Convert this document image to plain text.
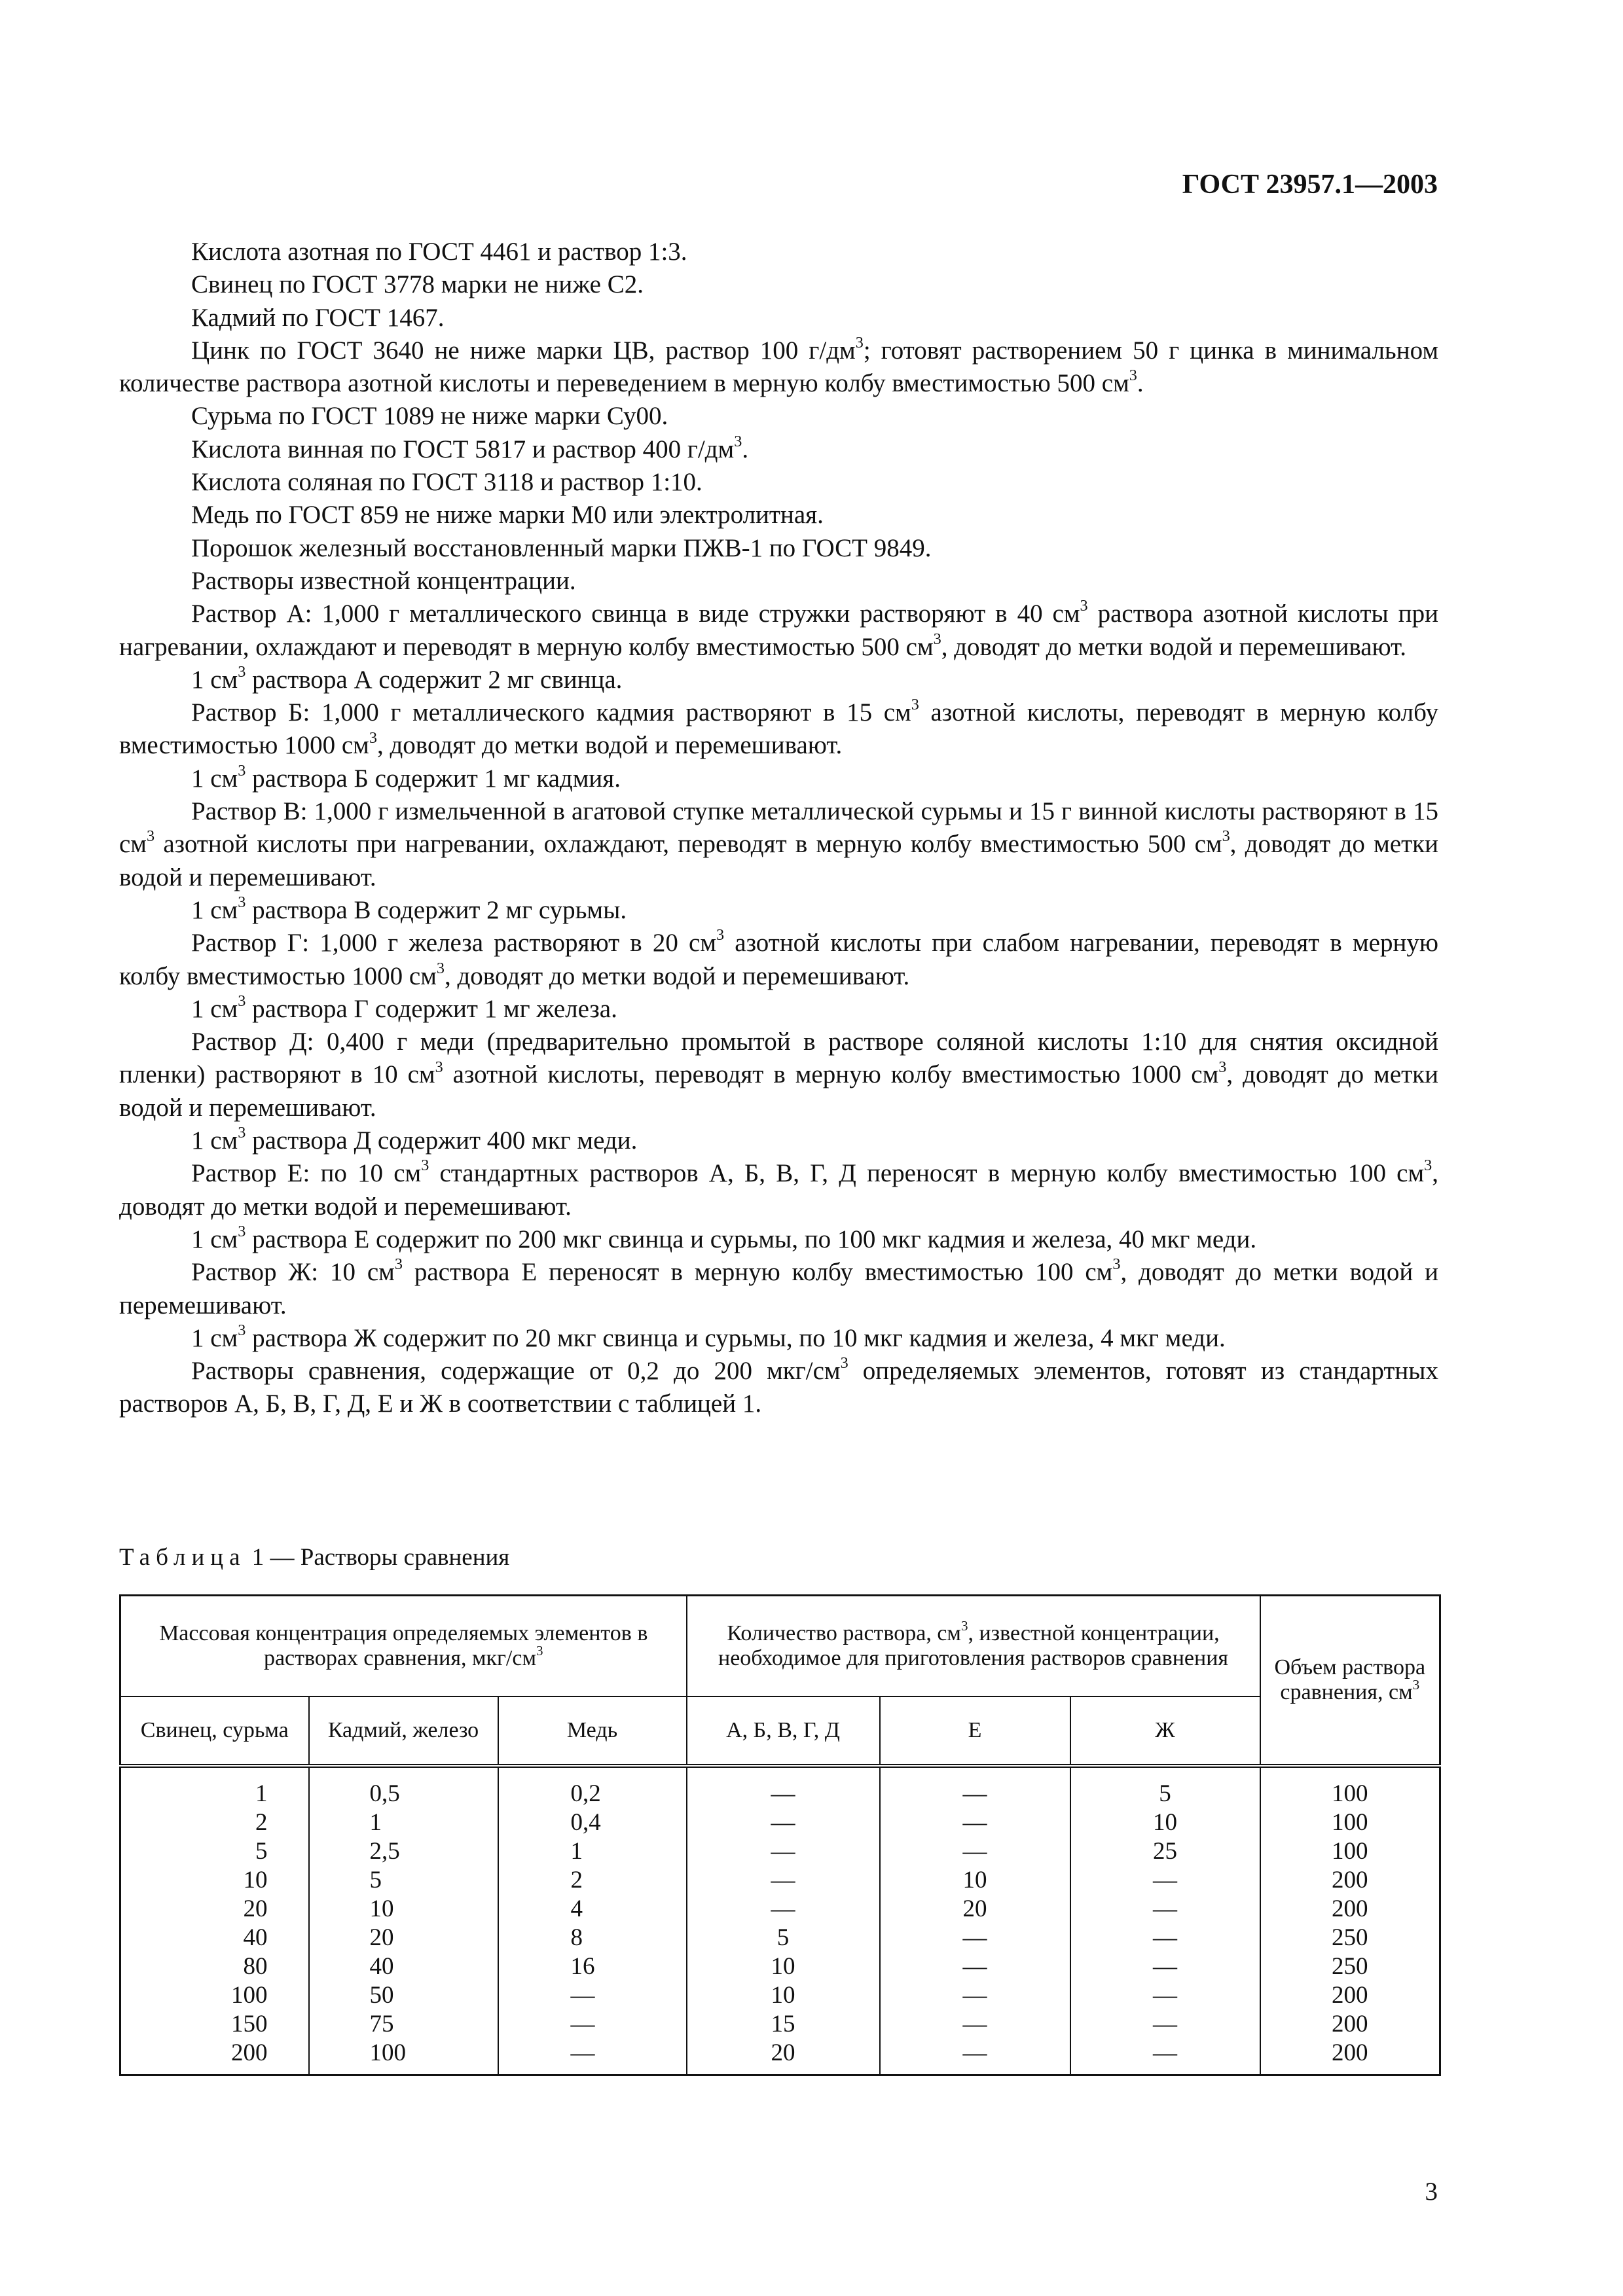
ГОСТ 23957.1—2003

Кислота азотная по ГОСТ 4461 и раствор 1:3.

Свинец по ГОСТ 3778 марки не ниже С2.

Кадмий по ГОСТ 1467.

Цинк по ГОСТ 3640 не ниже марки ЦВ, раствор 100 $г/дм^3$; готовят растворением 50 г цинка в минимальном количестве раствора азотной кислоты и переведением в мерную колбу вместимостью 500 $см^3$.

Сурьма по ГОСТ 1089 не ниже марки Су00.

Кислота винная по ГОСТ 5817 и раствор 400 $г/дм^3$.

Кислота соляная по ГОСТ 3118 и раствор 1:10.

Медь по ГОСТ 859 не ниже марки М0 или электролитная.

Порошок железный восстановленный марки ПЖВ-1 по ГОСТ 9849.

Растворы известной концентрации.

Раствор А: 1,000 г металлического свинца в виде стружки растворяют в 40 $см^3$ раствора азотной кислоты при нагревании, охлаждают и переводят в мерную колбу вместимостью 500 $см^3$, доводят до метки водой и перемешивают.

1 $см^3$ раствора А содержит 2 мг свинца.

Раствор Б: 1,000 г металлического кадмия растворяют в 15 $см^3$ азотной кислоты, переводят в мерную колбу вместимостью 1000 $см^3$, доводят до метки водой и перемешивают.

1 $см^3$ раствора Б содержит 1 мг кадмия.

Раствор В: 1,000 г измельченной в агатовой ступке металлической сурьмы и 15 г винной кислоты растворяют в 15 $см^3$ азотной кислоты при нагревании, охлаждают, переводят в мерную колбу вместимостью 500 $см^3$, доводят до метки водой и перемешивают.

1 $см^3$ раствора В содержит 2 мг сурьмы.

Раствор Г: 1,000 г железа растворяют в 20 $см^3$ азотной кислоты при слабом нагревании, переводят в мерную колбу вместимостью 1000 $см^3$, доводят до метки водой и перемешивают.

1 $см^3$ раствора Г содержит 1 мг железа.

Раствор Д: 0,400 г меди (предварительно промытой в растворе соляной кислоты 1:10 для снятия оксидной пленки) растворяют в 10 $см^3$ азотной кислоты, переводят в мерную колбу вместимостью 1000 $см^3$, доводят до метки водой и перемешивают.

1 $см^3$ раствора Д содержит 400 мкг меди.

Раствор Е: по 10 $см^3$ стандартных растворов А, Б, В, Г, Д переносят в мерную колбу вместимостью 100 $см^3$, доводят до метки водой и перемешивают.

1 $см^3$ раствора Е содержит по 200 мкг свинца и сурьмы, по 100 мкг кадмия и железа, 40 мкг меди.

Раствор Ж: 10 $см^3$ раствора Е переносят в мерную колбу вместимостью 100 $см^3$, доводят до метки водой и перемешивают.

1 $см^3$ раствора Ж содержит по 20 мкг свинца и сурьмы, по 10 мкг кадмия и железа, 4 мкг меди.

Растворы сравнения, содержащие от 0,2 до 200 мкг/$см^3$ определяемых элементов, готовят из стандартных растворов А, Б, В, Г, Д, Е и Ж в соответствии с таблицей 1.

Таблица 1 — Растворы сравнения
Массовая концентрация определяемых элементов в растворах сравнения, мкг/$см^3$			Количество раствора, $см^3$, известной концентрации, необходимое для приготовления растворов сравнения			Объем раствора сравнения, $см^3$
Свинец, сурьма	Кадмий, железо	Медь	А, Б, В, Г, Д	Е	Ж	
1	0,5	0,2	—	—	5	100
2	1	0,4	—	—	10	100
5	2,5	1	—	—	25	100
10	5	2	—	10	—	200
20	10	4	—	20	—	200
40	20	8	5	—	—	250
80	40	16	10	—	—	250
100	50	—	10	—	—	200
150	75	—	15	—	—	200
200	100	—	20	—	—	200
3
